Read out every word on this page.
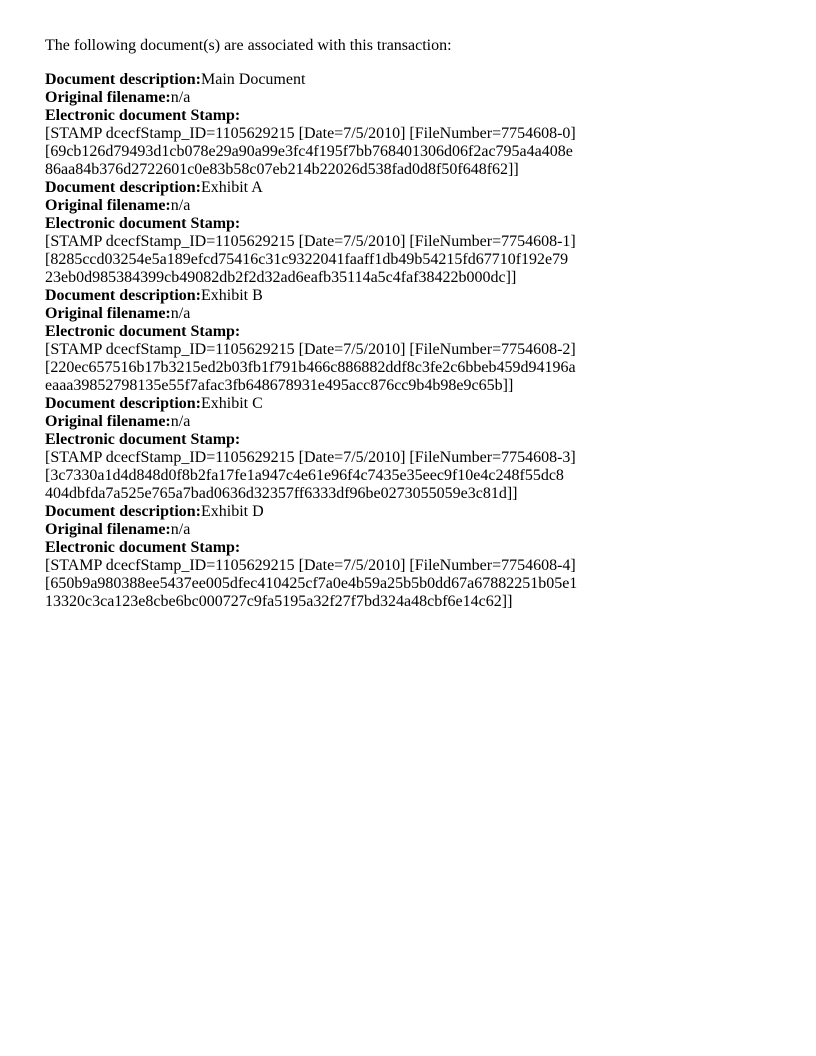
The following document(s) are associated with this transaction:

Document description:Main Document
Original filename:n/a
Electronic document Stamp:
[STAMP dcecfStamp_ID=1105629215 [Date=7/5/2010] [FileNumber=7754608-0]
[69cb126d79493d1cb078e29a90a99e3fc4f195f7bb768401306d06f2ac795a4a408e
86aa84b376d2722601c0e83b58c07eb214b22026d538fad0d8f50f648f62]]
Document description:Exhibit A
Original filename:n/a
Electronic document Stamp:
[STAMP dcecfStamp_ID=1105629215 [Date=7/5/2010] [FileNumber=7754608-1]
[8285ccd03254e5a189efcd75416c31c9322041faaff1db49b54215fd67710f192e79
23eb0d985384399cb49082db2f2d32ad6eafb35114a5c4faf38422b000dc]]
Document description:Exhibit B
Original filename:n/a
Electronic document Stamp:
[STAMP dcecfStamp_ID=1105629215 [Date=7/5/2010] [FileNumber=7754608-2]
[220ec657516b17b3215ed2b03fb1f791b466c886882ddf8c3fe2c6bbeb459d94196a
eaaa39852798135e55f7afac3fb648678931e495acc876cc9b4b98e9c65b]]
Document description:Exhibit C
Original filename:n/a
Electronic document Stamp:
[STAMP dcecfStamp_ID=1105629215 [Date=7/5/2010] [FileNumber=7754608-3]
[3c7330a1d4d848d0f8b2fa17fe1a947c4e61e96f4c7435e35eec9f10e4c248f55dc8
404dbfda7a525e765a7bad0636d32357ff6333df96be0273055059e3c81d]]
Document description:Exhibit D
Original filename:n/a
Electronic document Stamp:
[STAMP dcecfStamp_ID=1105629215 [Date=7/5/2010] [FileNumber=7754608-4]
[650b9a980388ee5437ee005dfec410425cf7a0e4b59a25b5b0dd67a67882251b05e1
13320c3ca123e8cbe6bc000727c9fa5195a32f27f7bd324a48cbf6e14c62]]
